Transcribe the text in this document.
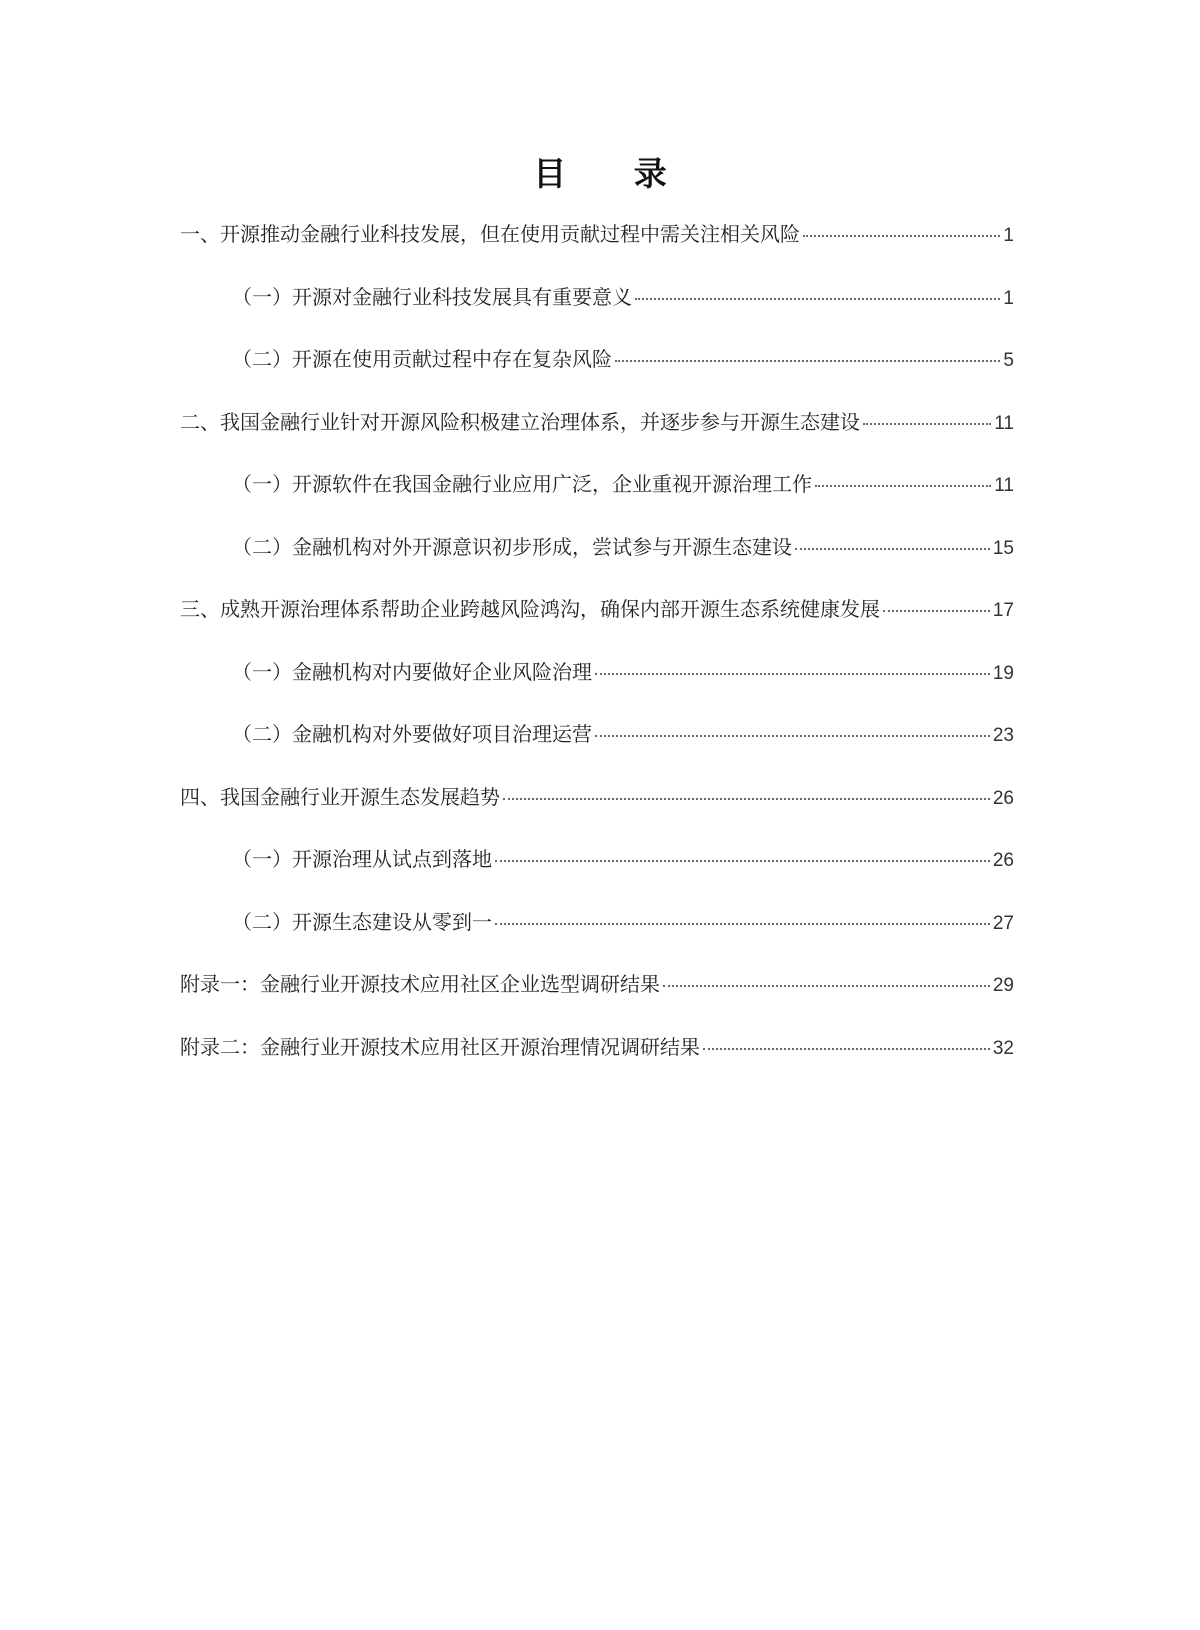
目 录
一、开源推动金融行业科技发展，但在使用贡献过程中需关注相关风险	1
（一）开源对金融行业科技发展具有重要意义	1
（二）开源在使用贡献过程中存在复杂风险	5
二、我国金融行业针对开源风险积极建立治理体系，并逐步参与开源生态建设	11
（一）开源软件在我国金融行业应用广泛，企业重视开源治理工作	11
（二）金融机构对外开源意识初步形成，尝试参与开源生态建设	15
三、成熟开源治理体系帮助企业跨越风险鸿沟，确保内部开源生态系统健康发展	17
（一）金融机构对内要做好企业风险治理	19
（二）金融机构对外要做好项目治理运营	23
四、我国金融行业开源生态发展趋势	26
（一）开源治理从试点到落地	26
（二）开源生态建设从零到一	27
附录一：金融行业开源技术应用社区企业选型调研结果	29
附录二：金融行业开源技术应用社区开源治理情况调研结果	32
